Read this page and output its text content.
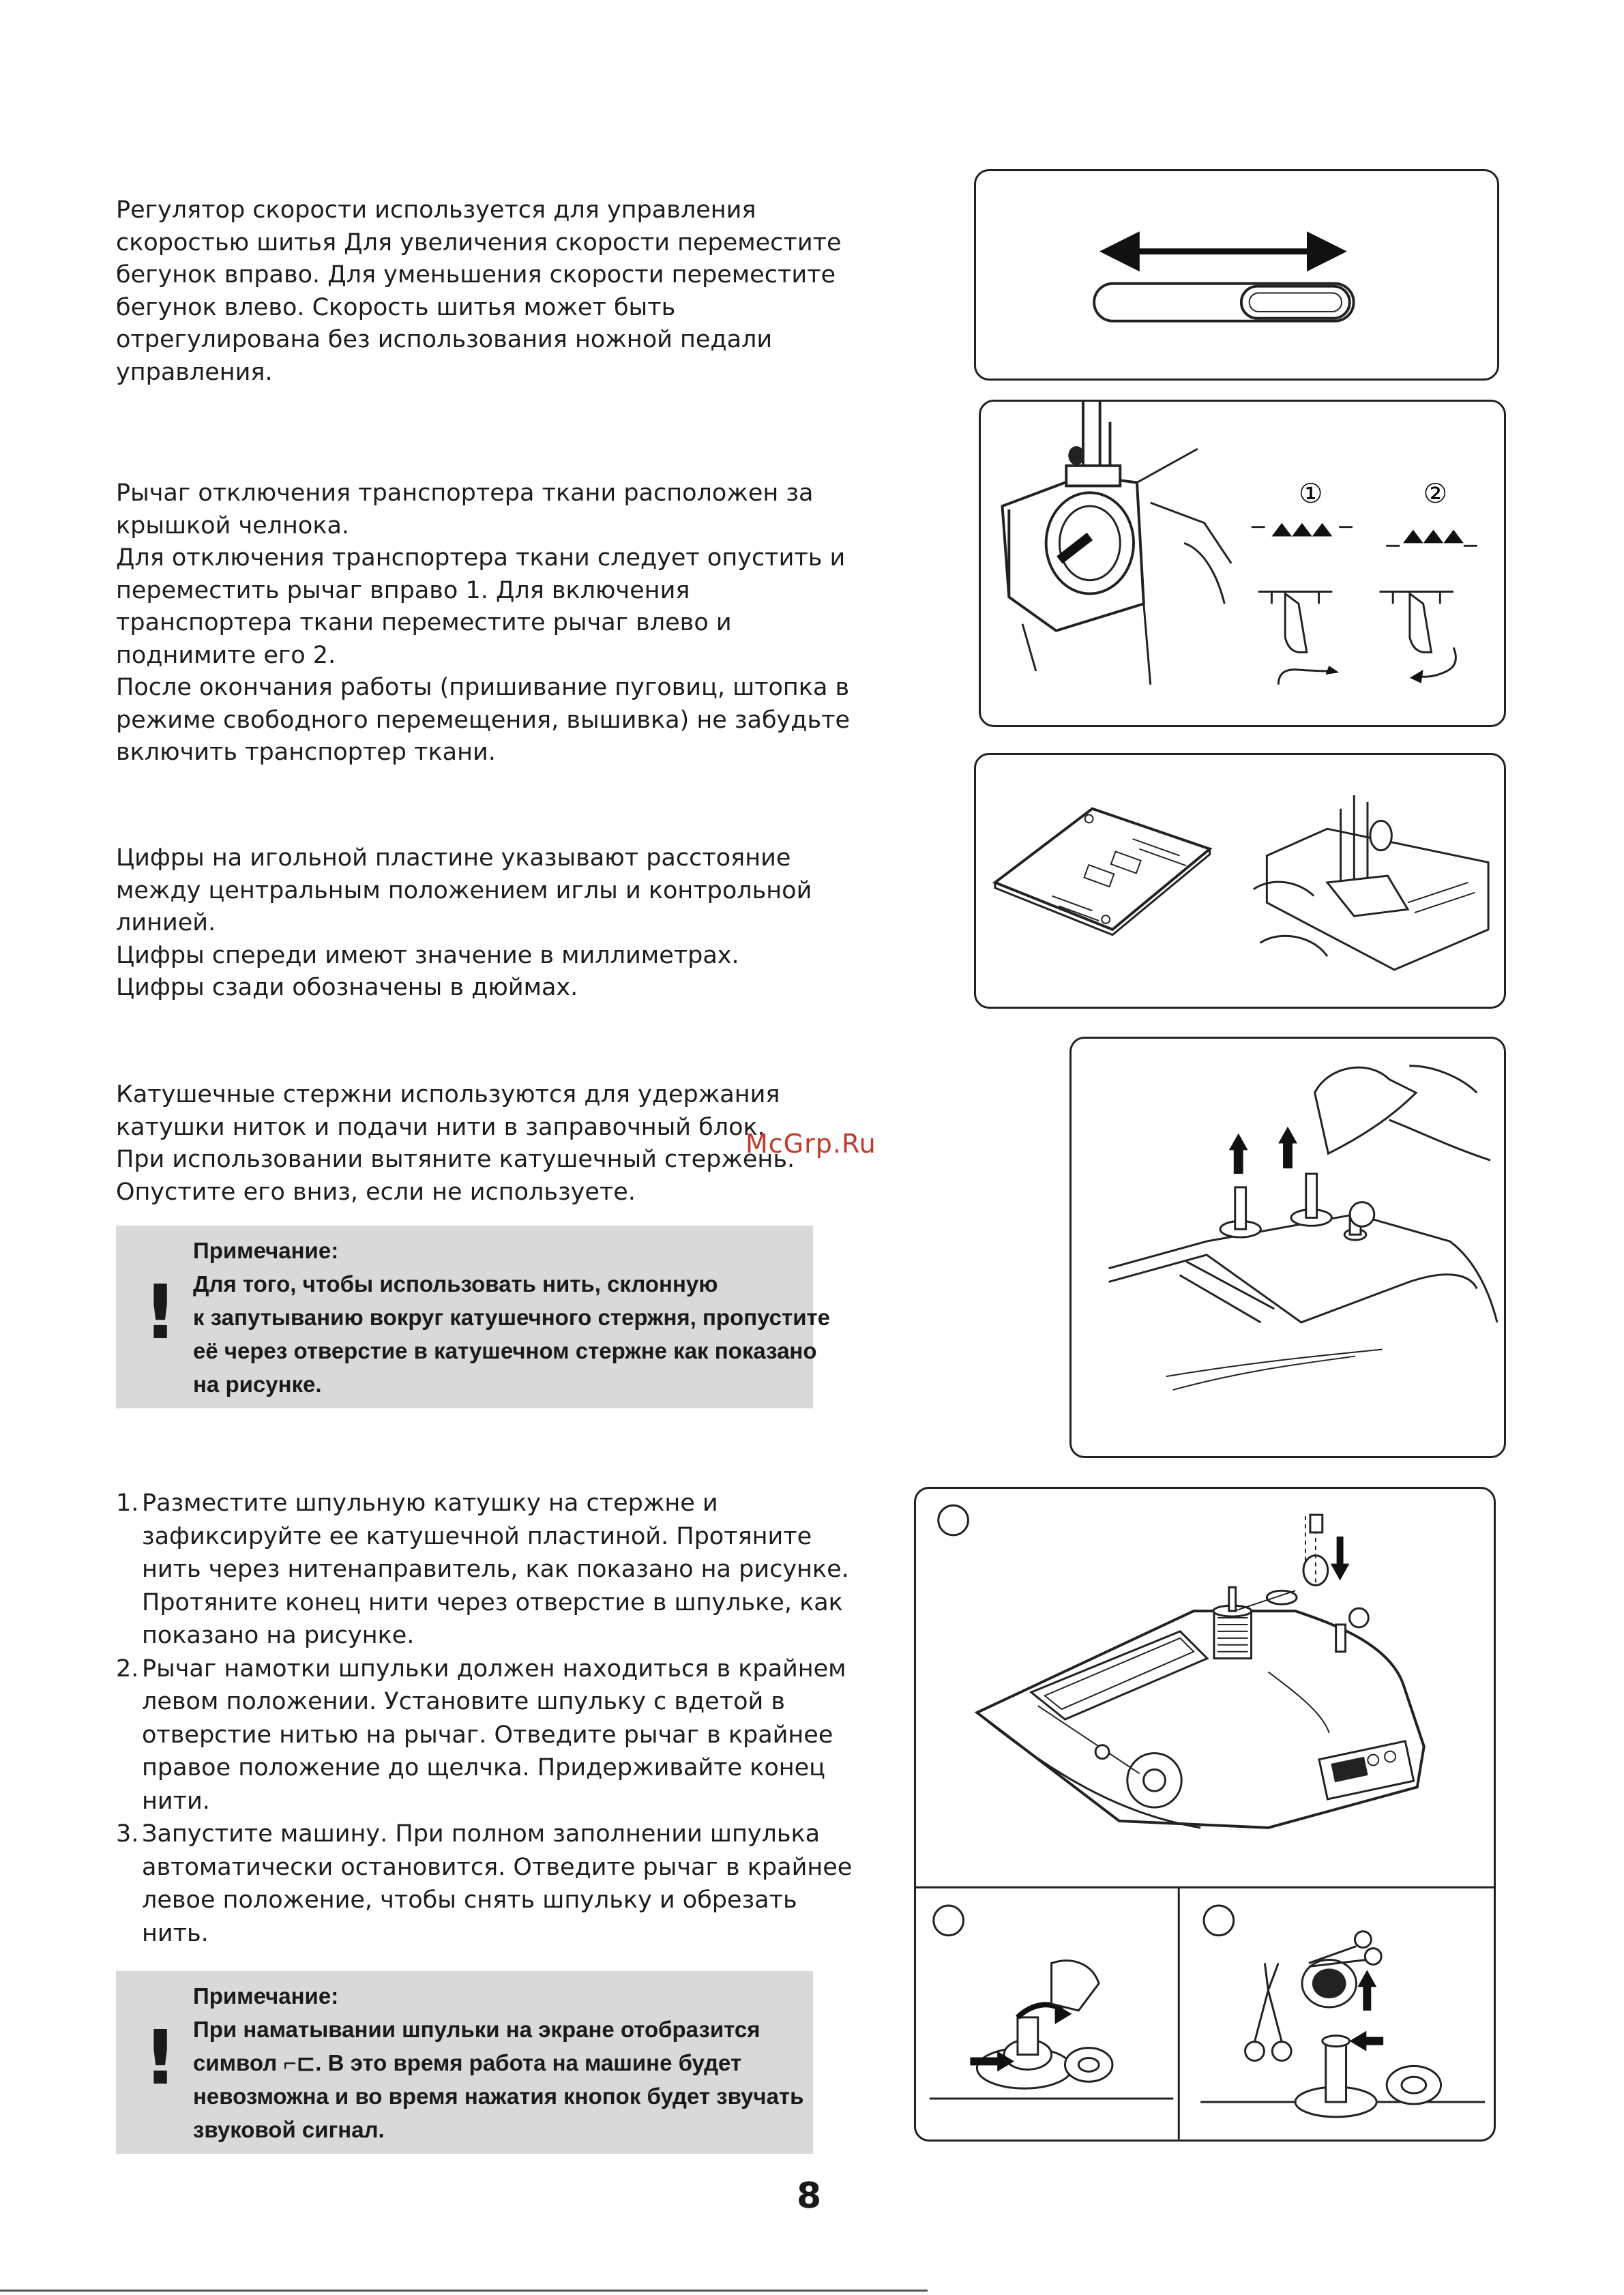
Регулятор скорости используется для управления
скоростью шитья Для увеличения скорости переместите
бегунок вправо. Для уменьшения скорости переместите
бегунок влево. Скорость шитья может быть
отрегулирована без использования ножной педали
управления.
Рычаг отключения транспортера ткани расположен за
крышкой челнока.
Для отключения транспортера ткани следует опустить и
переместить рычаг вправо 1. Для включения
транспортера ткани переместите рычаг влево и
поднимите его 2.
После окончания работы (пришивание пуговиц, штопка в
режиме свободного перемещения, вышивка) не забудьте
включить транспортер ткани.
①	②
Цифры на игольной пластине указывают расстояние
между центральным положением иглы и контрольной
линией.
Цифры спереди имеют значение в миллиметрах.
Цифры сзади обозначены в дюймах.
Катушечные стержни используются для удержания
катушки ниток и подачи нити в заправочный блок.
При использовании вытяните катушечный стержень.
Опустите его вниз, если не используете.
McGrp.Ru
!
Примечание:
Для того, чтобы использовать нить, склонную
к запутыванию вокруг катушечного стержня, пропустите
её через отверстие в катушечном стержне как показано
на рисунке.
1. Разместите шпульную катушку на стержне и
зафиксируйте ее катушечной пластиной. Протяните
нить через нитенаправитель, как показано на рисунке.
Протяните конец нити через отверстие в шпульке, как
показано на рисунке.
2. Рычаг намотки шпульки должен находиться в крайнем
левом положении. Установите шпульку с вдетой в
отверстие нитью на рычаг. Отведите рычаг в крайнее
правое положение до щелчка. Придерживайте конец
нити.
3. Запустите машину. При полном заполнении шпулька
автоматически остановится. Отведите рычаг в крайнее
левое положение, чтобы снять шпульку и обрезать
нить.
!
Примечание:
При наматывании шпульки на экране отобразится
символ ⌐⊏. В это время работа на машине будет
невозможна и во время нажатия кнопок будет звучать
звуковой сигнал.
8
